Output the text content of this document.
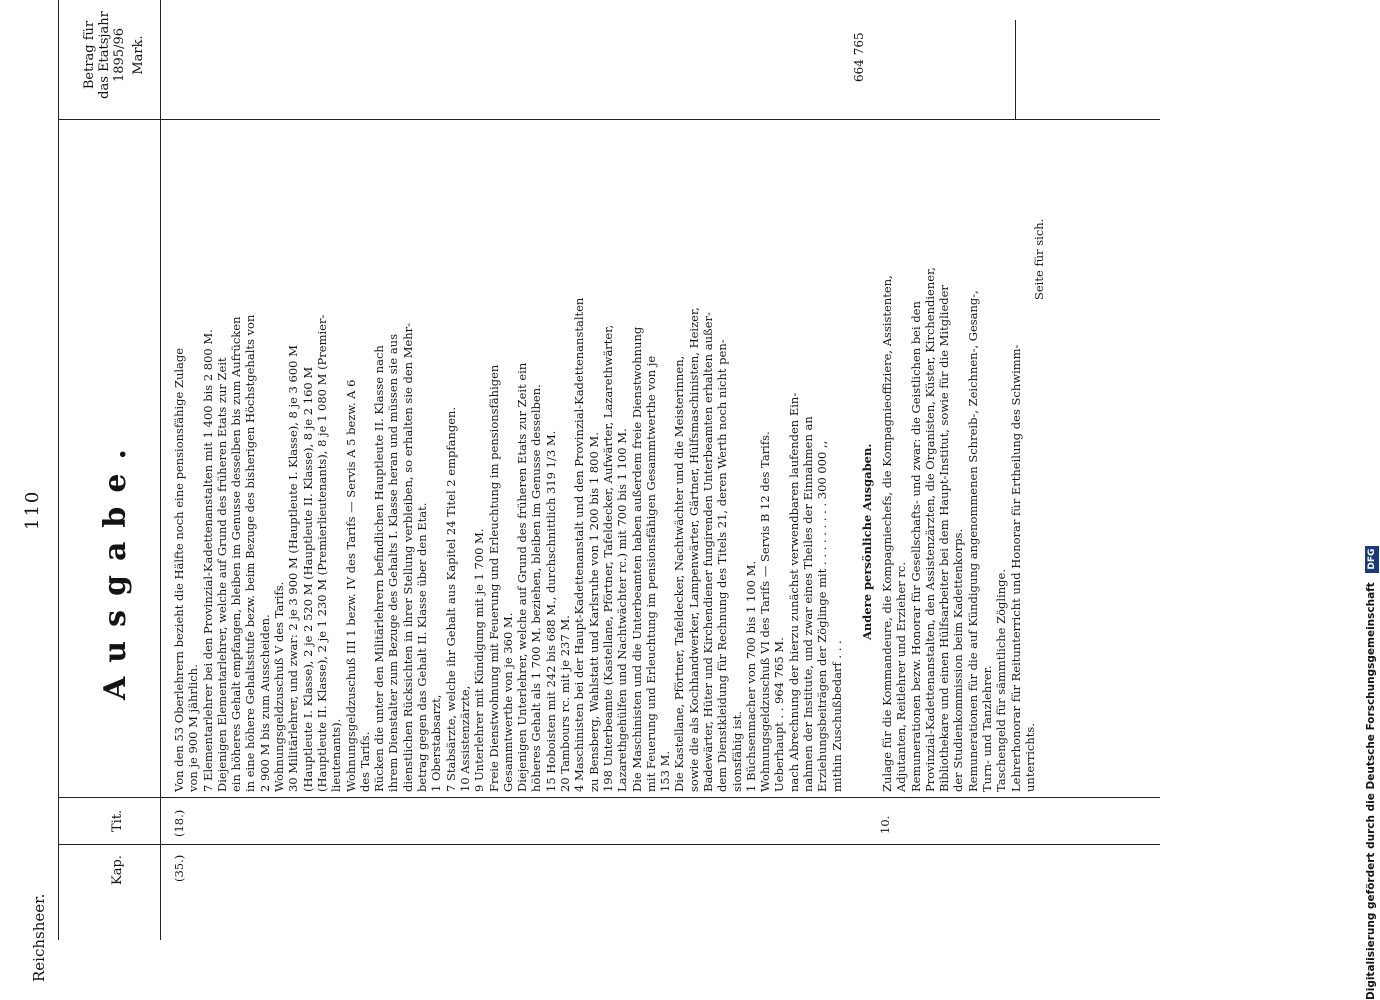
Reichsheer.
110
Kap.
Tit.
Ausgabe.
Betrag für das Etatsjahr 1895/96 Mark.
(35.)
(18.)
Von den 53 Oberlehrern bezieht die Hälfte noch eine pensionsfähige Zulage von je 900 M jährlich. 7 Elementarlehrer bei den Provinzial-Kadettenanstalten mit 1 400 bis 2 800 M. Diejenigen Elementarlehrer, welche auf Grund des früheren Etats zur Zeit ein höheres Gehalt empfangen, bleiben im Genusse desselben bis zum Aufrücken in eine höhere Gehaltsstufe bezw. beim Bezuge des bisherigen Höchstgehalts von 2 900 M bis zum Ausscheiden. Wohnungsgeldzuschuß V des Tarifs. 30 Militärlehrer, und zwar: 2 je 3 900 M (Hauptleute I. Klasse), 8 je 3 600 M (Hauptleute I. Klasse), 2 je 2 520 M (Hauptleute II. Klasse), 8 je 2 160 M (Hauptleute II. Klasse), 2 je 1 230 M (Premierlieutenants), 8 je 1 080 M (Premier- lieutenants). Wohnungsgeldzuschuß III 1 bezw. IV des Tarifs — Servis A 5 bezw. A 6 des Tarifs. Rücken die unter den Militärlehrern befindlichen Hauptleute II. Klasse nach ihrem Dienstalter zum Bezuge des Gehalts I. Klasse heran und müssen sie aus dienstlichen Rücksichten in ihrer Stellung verbleiben, so erhalten sie den Mehr- betrag gegen das Gehalt II. Klasse über den Etat. 1 Oberstabsarzt, 7 Stabsärzte, welche ihr Gehalt aus Kapitel 24 Titel 2 empfangen. 10 Assistenzärzte, 9 Unterlehrer mit Kündigung mit je 1 700 M. Freie Dienstwohnung mit Feuerung und Erleuchtung im pensionsfähigen Gesammtwerthe von je 360 M. Diejenigen Unterlehrer, welche auf Grund des früheren Etats zur Zeit ein höheres Gehalt als 1 700 M. beziehen, bleiben im Genusse desselben. 15 Hoboisten mit 242 bis 688 M., durchschnittlich 319 1/3 M. 20 Tambours rc. mit je 237 M. 4 Maschinisten bei der Haupt-Kadettenanstalt und den Provinzial-Kadettenanstalten zu Bensberg, Wahlstatt und Karlsruhe von 1 200 bis 1 800 M. 198 Unterbeamte (Kastellane, Pförtner, Tafeldecker, Aufwärter, Lazarethwärter, Lazarethgehülfen und Nachtwächter rc.) mit 700 bis 1 100 M. Die Maschinisten und die Unterbeamten haben außerdem freie Dienstwohnung mit Feuerung und Erleuchtung im pensionsfähigen Gesammtwerthe von je 153 M. Die Kastellane, Pförtner, Tafeldecker, Nachtwächter und die Meisterinnen, sowie die als Kochhandwerker, Lampenwärter, Gärtner, Hülfsmaschinisten, Heizer, Badewärter, Hüter und Kirchendiener fungirenden Unterbeamten erhalten außer- dem Dienstkleidung für Rechnung des Titels 21, deren Werth noch nicht pen- sionsfähig ist. 1 Büchsenmacher von 700 bis 1 100 M. Wohnungsgeldzuschuß VI des Tarifs — Servis B 12 des Tarifs. Ueberhaupt . . 964 765 M. nach Abrechnung der hierzu zunächst verwendbaren laufenden Ein- nahmen der Institute, und zwar eines Theiles der Einnahmen an Erziehungsbeiträgen der Zöglinge mit . . . . . . . . . 300 000 ,, mithin Zuschußbedarf . . .
664 765
10.
Andere persönliche Ausgaben. Zulage für die Kommandeure, die Kompagniechefs, die Kompagnieoffiziere, Assistenten, Adjutanten, Reitlehrer und Erzieher rc. Remunerationen bezw. Honorar für Gesellschafts- und zwar: die Geistlichen bei den Provinzial-Kadettenanstalten, den Assistenzärzten, die Organisten, Küster, Kirchendiener, Bibliothekare und einen Hülfsarbeiter bei dem Haupt-Institut, sowie für die Mitglieder der Studienkommission beim Kadettenkorps. Remunerationen für die auf Kündigung angenommenen Schreib-, Zeichnen-, Gesang-, Turn- und Tanzlehrer. Taschengeld für sämmtliche Zöglinge. Lehrerhonorar für Reitunterricht und Honorar für Ertheilung des Schwimm- unterrichts.
Seite für sich.
Digitalisierung gefördert durch die Deutsche Forschungsgemeinschaft DFG
